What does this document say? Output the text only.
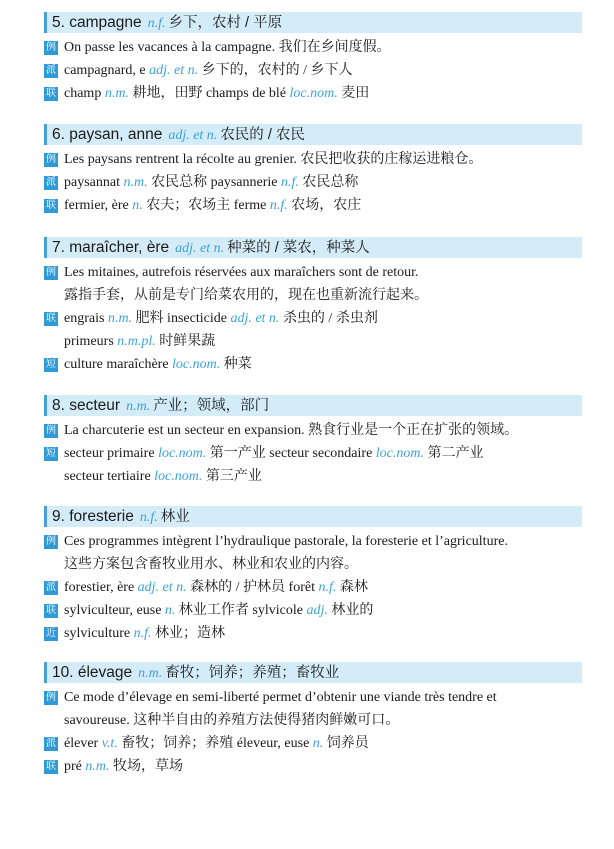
5. campagne n.f. 乡下，农村 / 平原
例 On passe les vacances à la campagne. 我们在乡间度假。
派 campagnard, e adj. et n. 乡下的，农村的 / 乡下人
联 champ n.m. 耕地，田野 champs de blé loc.nom. 麦田
6. paysan, anne adj. et n. 农民的 / 农民
例 Les paysans rentrent la récolte au grenier. 农民把收获的庄稼运进粮仓。
派 paysannat n.m. 农民总称 paysannerie n.f. 农民总称
联 fermier, ère n. 农夫；农场主 ferme n.f. 农场，农庄
7. maraîcher, ère adj. et n. 种菜的 / 菜农，种菜人
例 Les mitaines, autrefois réservées aux maraîchers sont de retour.
露指手套，从前是专门给菜农用的，现在也重新流行起来。
联 engrais n.m. 肥料 insecticide adj. et n. 杀虫的 / 杀虫剂
primeurs n.m.pl. 时鲜果蔬
短 culture maraîchère loc.nom. 种菜
8. secteur n.m. 产业；领域，部门
例 La charcuterie est un secteur en expansion. 熟食行业是一个正在扩张的领域。
短 secteur primaire loc.nom. 第一产业 secteur secondaire loc.nom. 第二产业
secteur tertiaire loc.nom. 第三产业
9. foresterie n.f. 林业
例 Ces programmes intègrent l’hydraulique pastorale, la foresterie et l’agriculture.
这些方案包含畜牧业用水、林业和农业的内容。
派 forestier, ère adj. et n. 森林的 / 护林员 forêt n.f. 森林
联 sylviculteur, euse n. 林业工作者 sylvicole adj. 林业的
近 sylviculture n.f. 林业；造林
10. élevage n.m. 畜牧；饲养；养殖；畜牧业
例 Ce mode d’élevage en semi-liberté permet d’obtenir une viande très tendre et
savoureuse. 这种半自由的养殖方法使得猪肉鲜嫩可口。
派 élever v.t. 畜牧；饲养；养殖 éleveur, euse n. 饲养员
联 pré n.m. 牧场，草场
